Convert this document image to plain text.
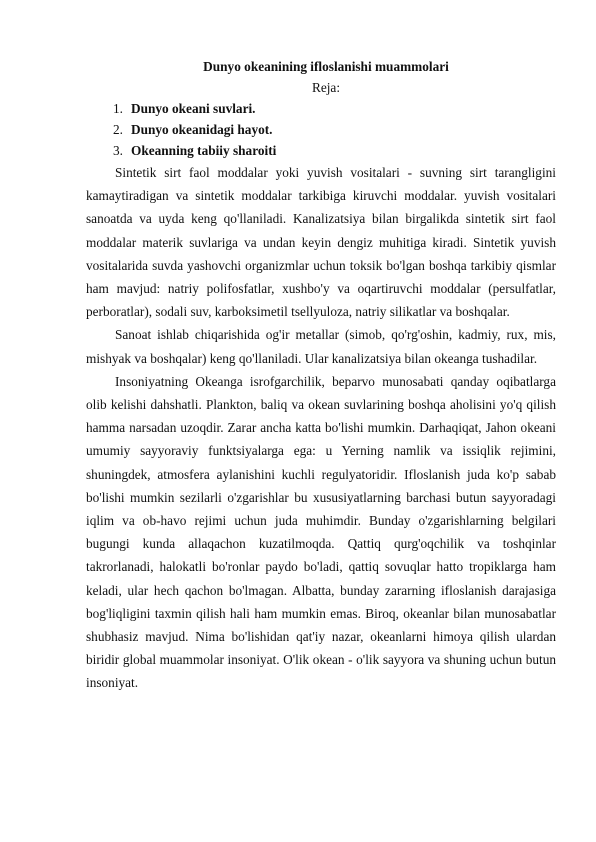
Dunyo okeanining ifloslanishi muammolari

Reja:

1. Dunyo okeani suvlari.
2. Dunyo okeanidagi hayot.
3. Okeanning tabiiy sharoiti

Sintetik sirt faol moddalar yoki yuvish vositalari - suvning sirt tarangligini kamaytiradigan va sintetik moddalar tarkibiga kiruvchi moddalar. yuvish vositalari sanoatda va uyda keng qo'llaniladi. Kanalizatsiya bilan birgalikda sintetik sirt faol moddalar materik suvlariga va undan keyin dengiz muhitiga kiradi. Sintetik yuvish vositalarida suvda yashovchi organizmlar uchun toksik bo'lgan boshqa tarkibiy qismlar ham mavjud: natriy polifosfatlar, xushbo'y va oqartiruvchi moddalar (persulfatlar, perboratlar), sodali suv, karboksimetil tsellyuloza, natriy silikatlar va boshqalar.

Sanoat ishlab chiqarishida og'ir metallar (simob, qo'rg'oshin, kadmiy, rux, mis, mishyak va boshqalar) keng qo'llaniladi. Ular kanalizatsiya bilan okeanga tushadilar.

Insoniyatning Okeanga isrofgarchilik, beparvo munosabati qanday oqibatlarga olib kelishi dahshatli. Plankton, baliq va okean suvlarining boshqa aholisini yo'q qilish hamma narsadan uzoqdir. Zarar ancha katta bo'lishi mumkin. Darhaqiqat, Jahon okeani umumiy sayyoraviy funktsiyalarga ega: u Yerning namlik va issiqlik rejimini, shuningdek, atmosfera aylanishini kuchli regulyatoridir. Ifloslanish juda ko'p sabab bo'lishi mumkin sezilarli o'zgarishlar bu xususiyatlarning barchasi butun sayyoradagi iqlim va ob-havo rejimi uchun juda muhimdir. Bunday o'zgarishlarning belgilari bugungi kunda allaqachon kuzatilmoqda. Qattiq qurg'oqchilik va toshqinlar takrorlanadi, halokatli bo'ronlar paydo bo'ladi, qattiq sovuqlar hatto tropiklarga ham keladi, ular hech qachon bo'lmagan. Albatta, bunday zararning ifloslanish darajasiga bog'liqligini taxmin qilish hali ham mumkin emas. Biroq, okeanlar bilan munosabatlar shubhasiz mavjud. Nima bo'lishidan qat'iy nazar, okeanlarni himoya qilish ulardan biridir global muammolar insoniyat. O'lik okean - o'lik sayyora va shuning uchun butun insoniyat.
